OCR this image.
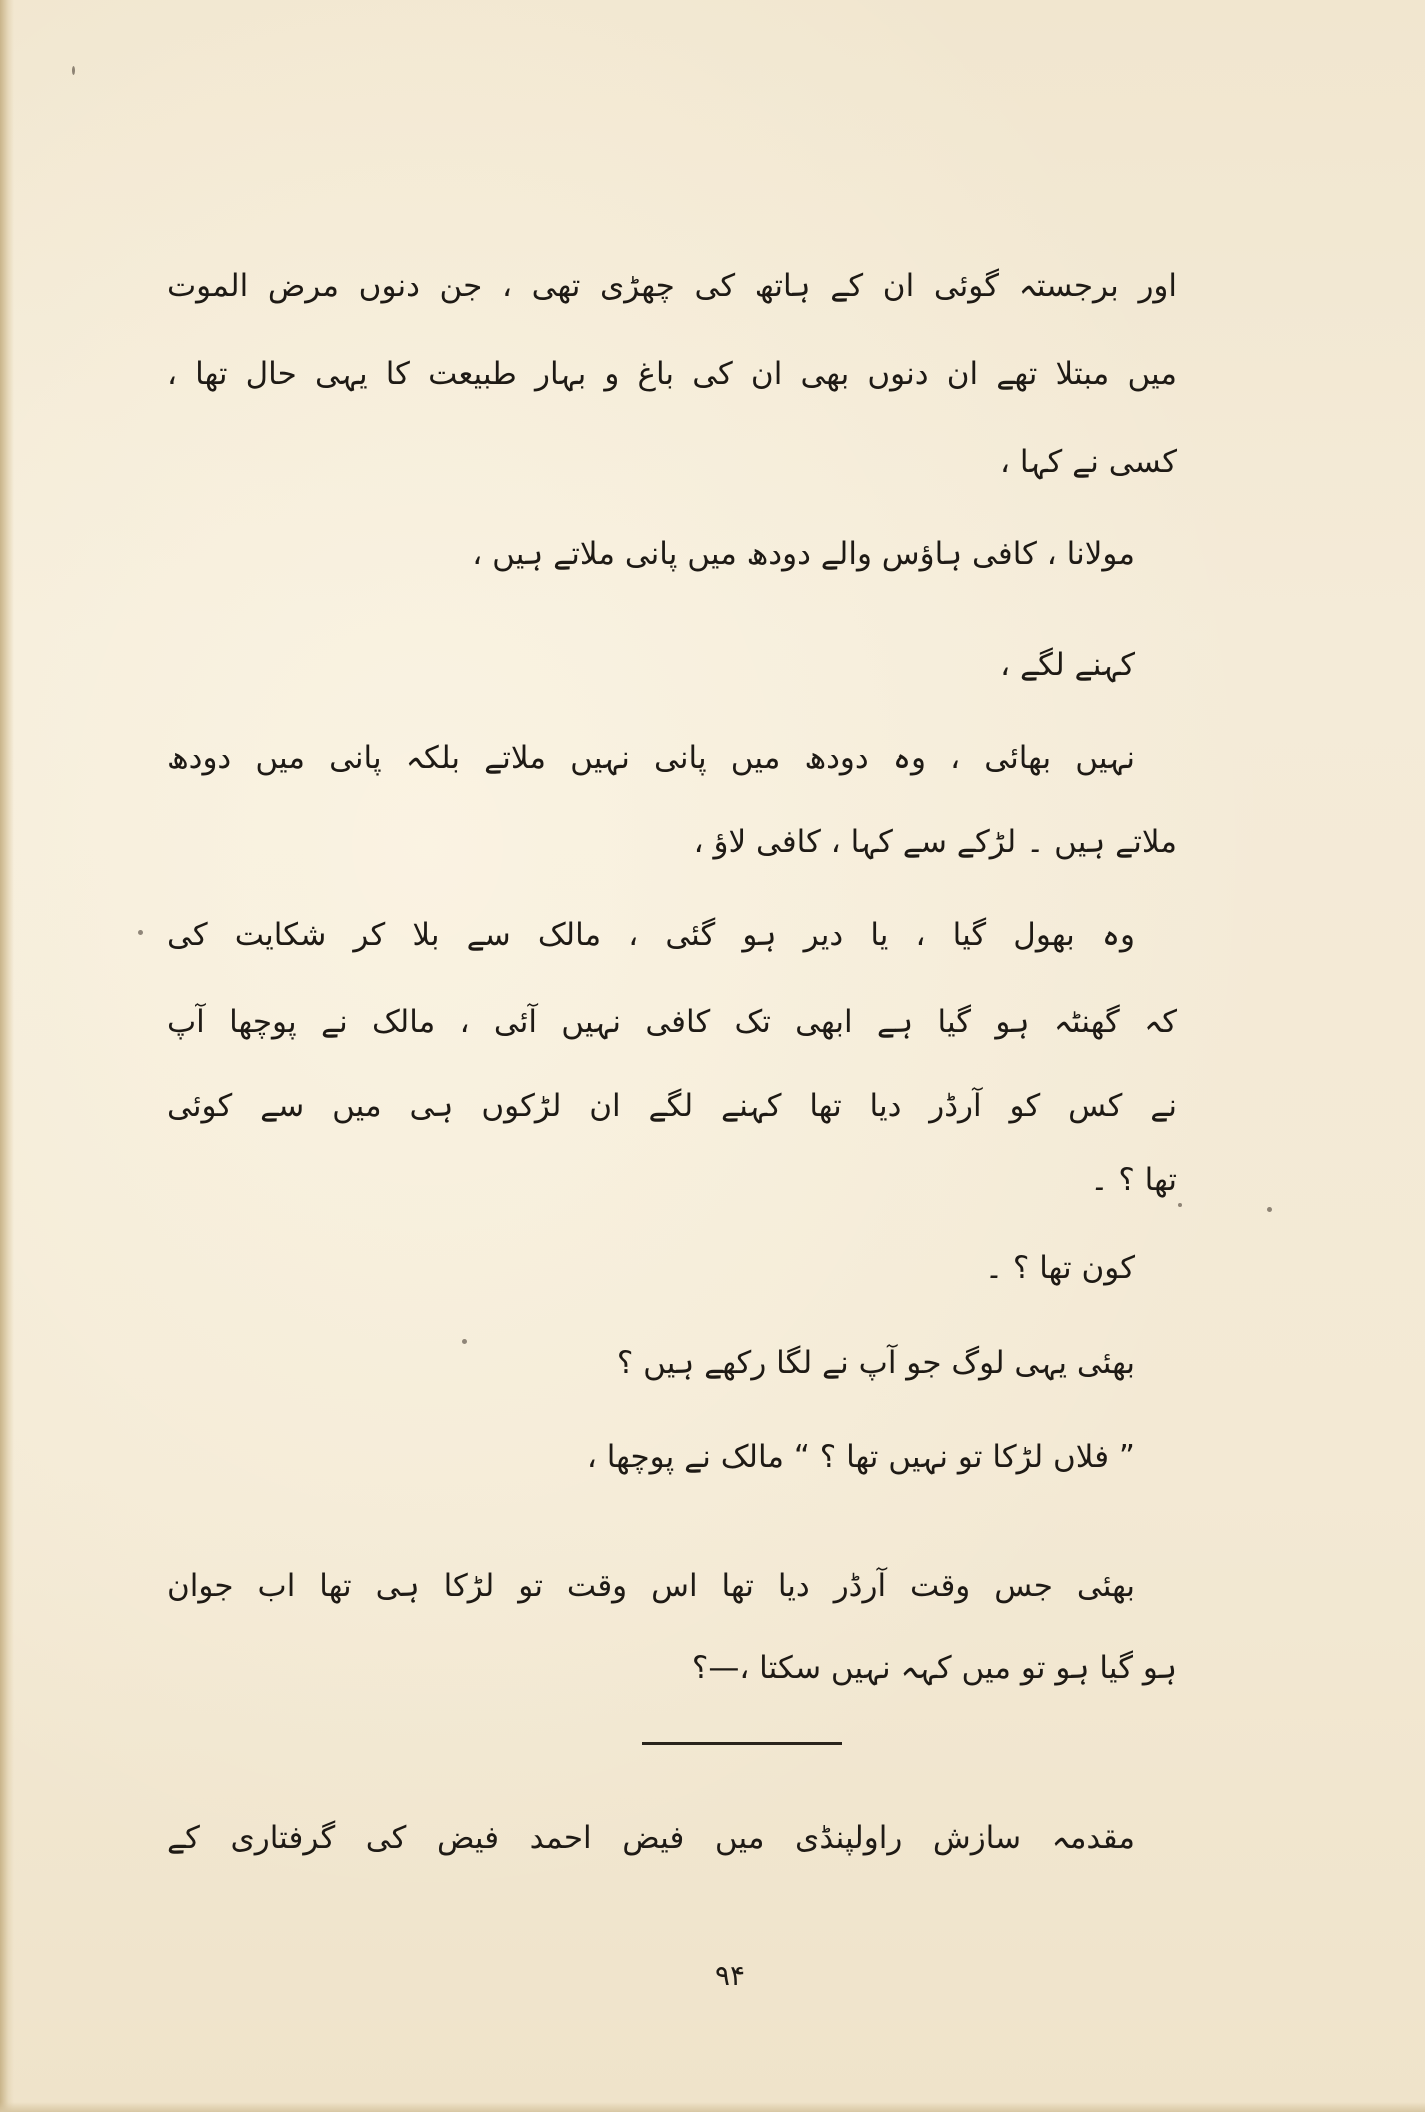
اور برجستہ گوئی ان کے ہاتھ کی چھڑی تھی ، جن دنوں مرض الموت
میں مبتلا تھے ان دنوں بھی ان کی باغ و بہار طبیعت کا یہی حال تھا ،
کسی نے کہا ،
مولانا ، کافی ہاؤس والے دودھ میں پانی ملاتے ہیں ،
کہنے لگے ،
نہیں بھائی ، وہ دودھ میں پانی نہیں ملاتے بلکہ پانی میں دودھ
ملاتے ہیں ۔ لڑکے سے کہا ، کافی لاؤ ،
وہ بھول گیا ، یا دیر ہو گئی ، مالک سے بلا کر شکایت کی
کہ گھنٹہ ہو گیا ہے ابھی تک کافی نہیں آئی ، مالک نے پوچھا آپ
نے کس کو آرڈر دیا تھا کہنے لگے ان لڑکوں ہی میں سے کوئی
تھا ؟ ۔
کون تھا ؟ ۔
بھئی یہی لوگ جو آپ نے لگا رکھے ہیں ؟
” فلاں لڑکا تو نہیں تھا ؟ “ مالک نے پوچھا ،
بھئی جس وقت آرڈر دیا تھا اس وقت تو لڑکا ہی تھا اب جوان
ہو گیا ہو تو میں کہہ نہیں سکتا ،—؟
مقدمہ سازش راولپنڈی میں فیض احمد فیض کی گرفتاری کے
۹۴
